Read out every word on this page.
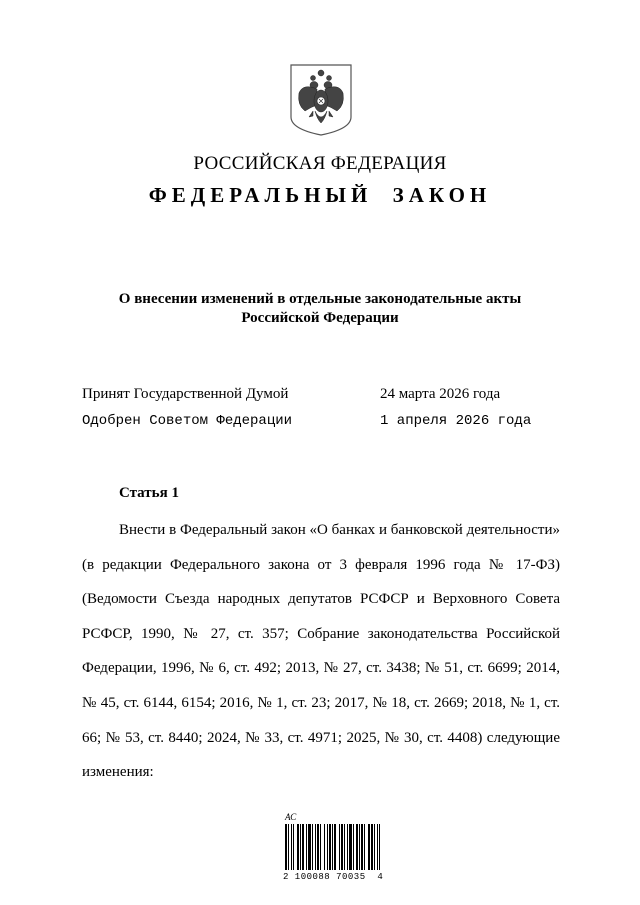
РОССИЙСКАЯ ФЕДЕРАЦИЯ
ФЕДЕРАЛЬНЫЙ ЗАКОН
О внесении изменений в отдельные законодательные акты
Российской Федерации
Принят Государственной Думой	24 марта 2026 года
Одобрен Советом Федерации	1 апреля 2026 года
Статья 1
Внести в Федеральный закон «О банках и банковской деятельности» (в редакции Федерального закона от 3 февраля 1996 года № 17-ФЗ) (Ведомости Съезда народных депутатов РСФСР и Верховного Совета РСФСР, 1990, № 27, ст. 357; Собрание законодательства Российской Федерации, 1996, № 6, ст. 492; 2013, № 27, ст. 3438; № 51, ст. 6699; 2014, № 45, ст. 6144, 6154; 2016, № 1, ст. 23; 2017, № 18, ст. 2669; 2018, № 1, ст. 66; № 53, ст. 8440; 2024, № 33, ст. 4971; 2025, № 30, ст. 4408) следующие изменения:
АС
2 100088 70035  4
